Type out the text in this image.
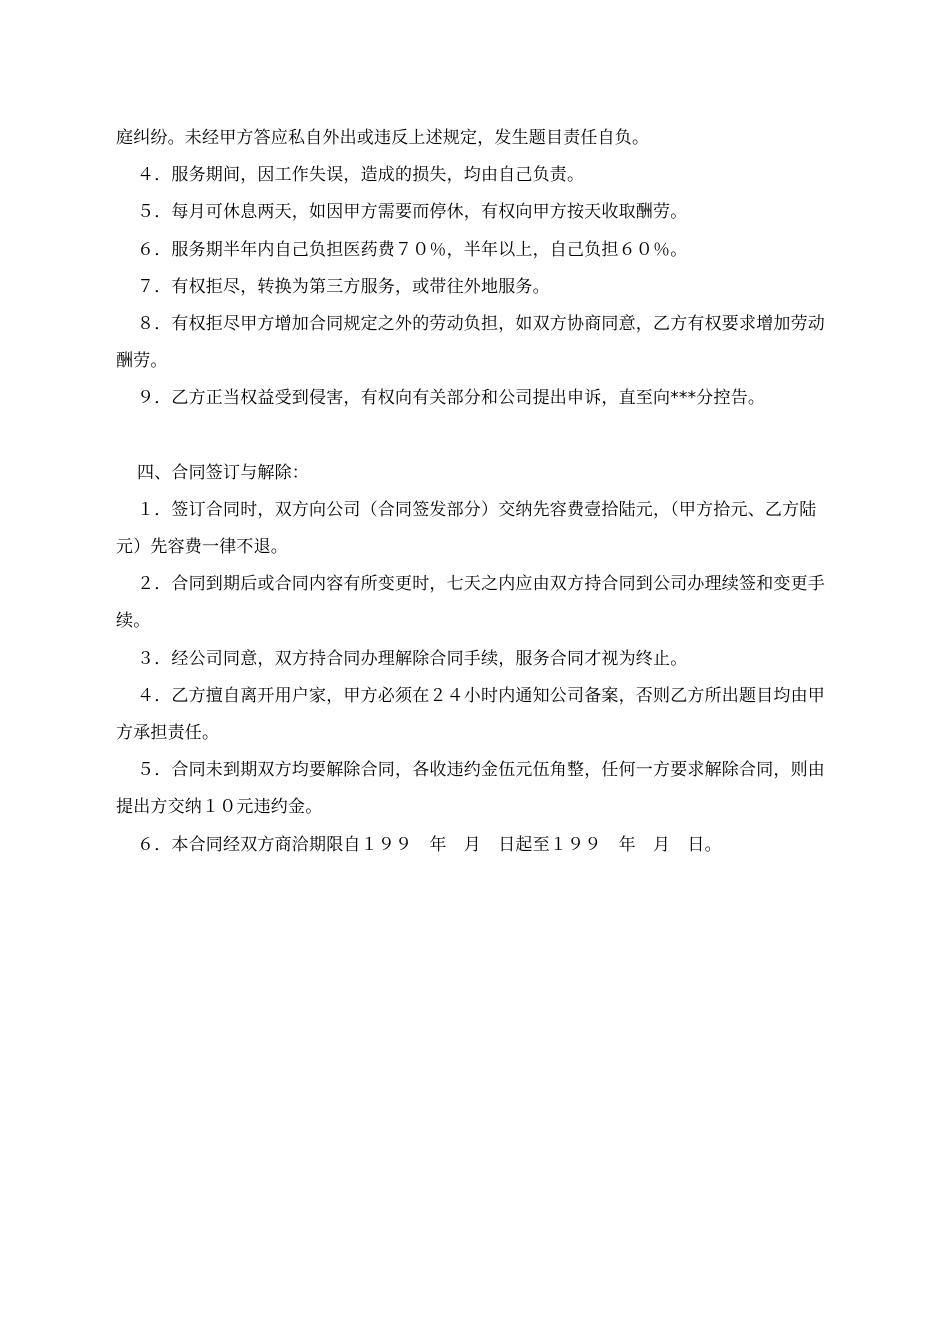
庭纠纷。未经甲方答应私自外出或违反上述规定，发生题目责任自负。

４．服务期间，因工作失误，造成的损失，均由自己负责。

５．每月可休息两天，如因甲方需要而停休，有权向甲方按天收取酬劳。

６．服务期半年内自己负担医药费７０％，半年以上，自己负担６０％。

７．有权拒尽，转换为第三方服务，或带往外地服务。

８．有权拒尽甲方增加合同规定之外的劳动负担，如双方协商同意，乙方有权要求增加劳动酬劳。

９．乙方正当权益受到侵害，有权向有关部分和公司提出申诉，直至向***分控告。

四、合同签订与解除：

１．签订合同时，双方向公司（合同签发部分）交纳先容费壹拾陆元，（甲方拾元、乙方陆元）先容费一律不退。

２．合同到期后或合同内容有所变更时，七天之内应由双方持合同到公司办理续签和变更手续。

３．经公司同意，双方持合同办理解除合同手续，服务合同才视为终止。

４．乙方擅自离开用户家，甲方必须在２４小时内通知公司备案，否则乙方所出题目均由甲方承担责任。

５．合同未到期双方均要解除合同，各收违约金伍元伍角整，任何一方要求解除合同，则由提出方交纳１０元违约金。

６．本合同经双方商洽期限自１９９　年　月　日起至１９９　年　月　日。
